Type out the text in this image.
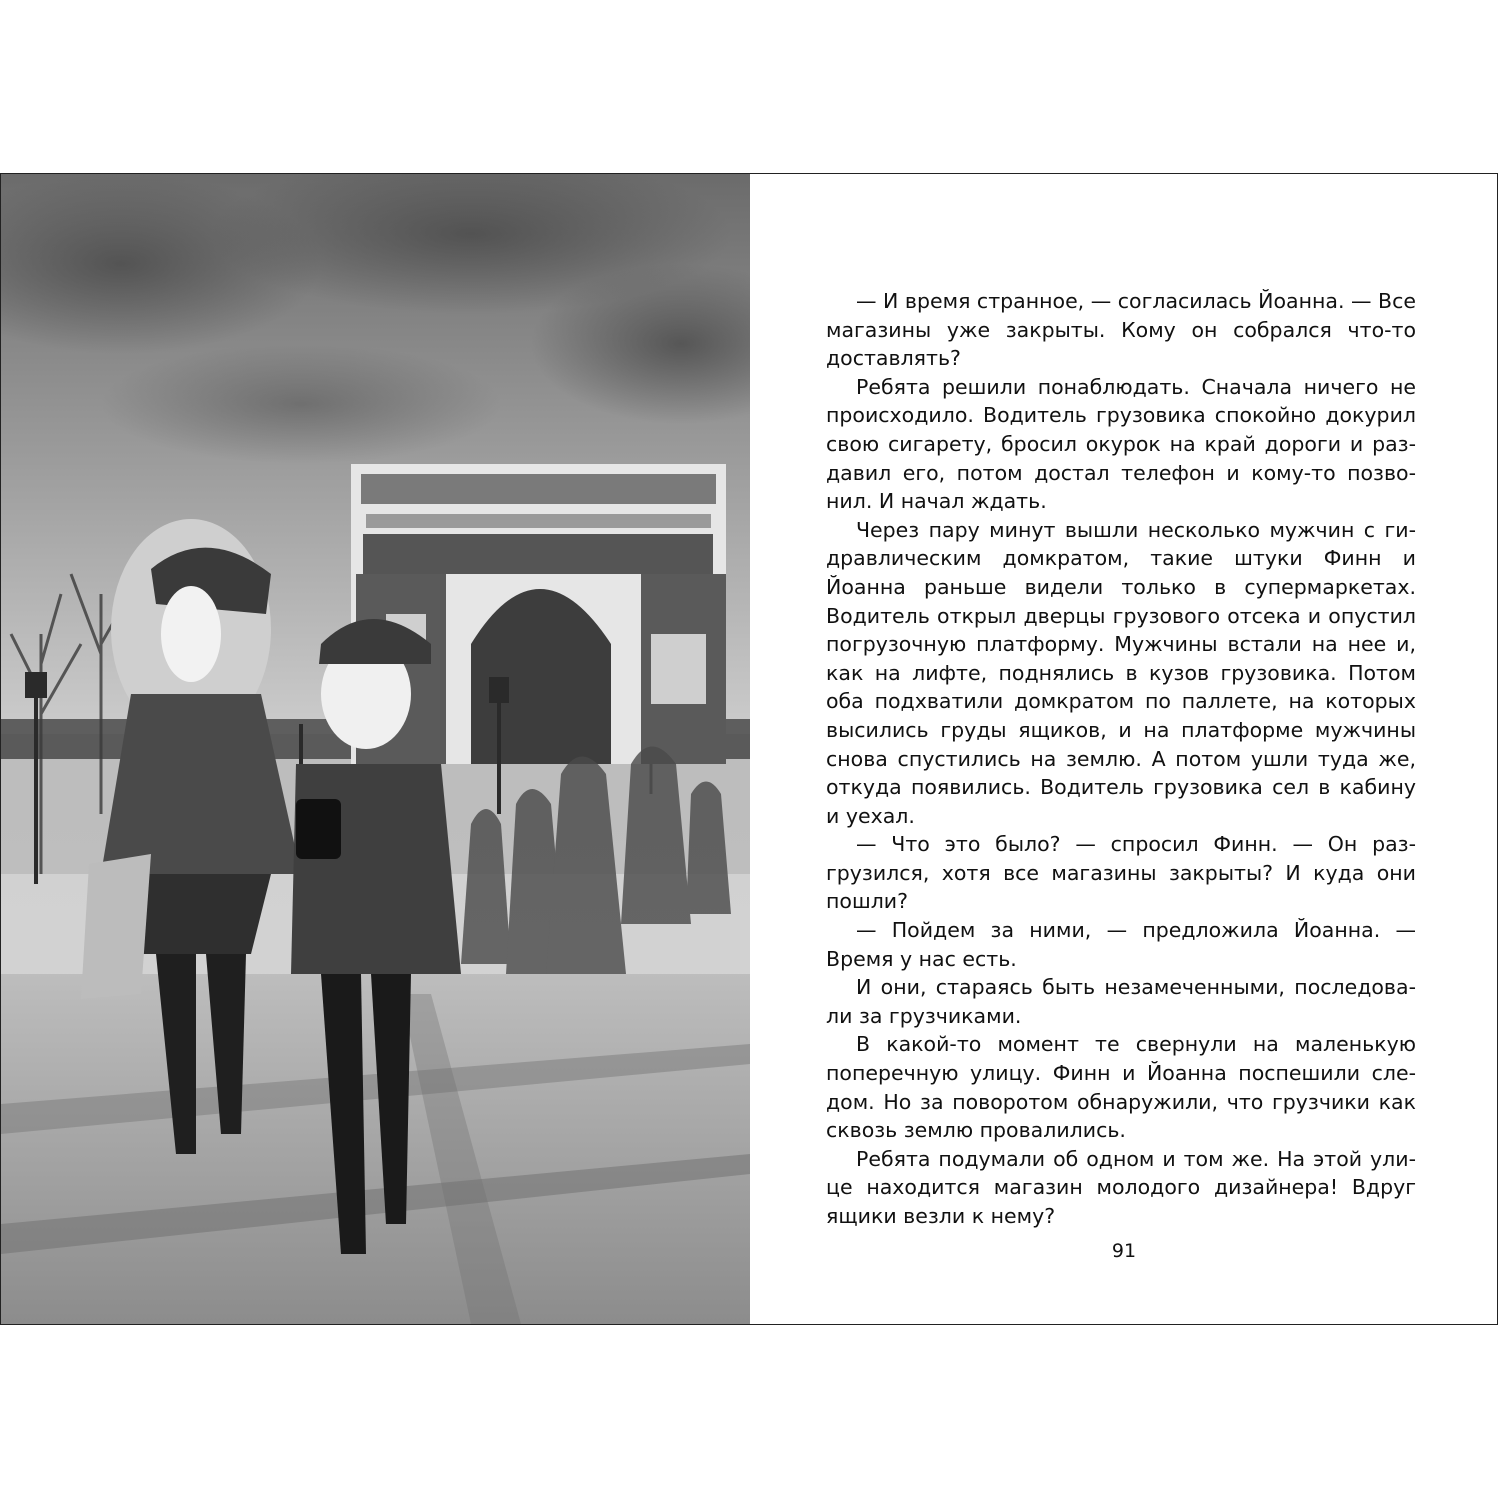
— И время странное, — согласилась Йоанна. — Все магазины уже закрыты. Кому он собрался что-то доставлять?

Ребята решили понаблюдать. Сначала ничего не происходило. Водитель грузовика спокойно докурил свою сигарету, бросил окурок на край дороги и раздавил его, потом достал телефон и кому-то позвонил. И начал ждать.

Через пару минут вышли несколько мужчин с гидравлическим домкратом, такие штуки Финн и Йоанна раньше видели только в супермаркетах. Водитель открыл дверцы грузового отсека и опустил погрузочную платформу. Мужчины встали на нее и, как на лифте, поднялись в кузов грузовика. Потом оба подхватили домкратом по паллете, на которых высились груды ящиков, и на платформе мужчины снова спустились на землю. А потом ушли туда же, откуда появились. Водитель грузовика сел в кабину и уехал.

— Что это было? — спросил Финн. — Он разгрузился, хотя все магазины закрыты? И куда они пошли?

— Пойдем за ними, — предложила Йоанна. — Время у нас есть.

И они, стараясь быть незамеченными, последовали за грузчиками.

В какой-то момент те свернули на маленькую поперечную улицу. Финн и Йоанна поспешили следом. Но за поворотом обнаружили, что грузчики как сквозь землю провалились.

Ребята подумали об одном и том же. На этой улице находится магазин молодого дизайнера! Вдруг ящики везли к нему?

91
